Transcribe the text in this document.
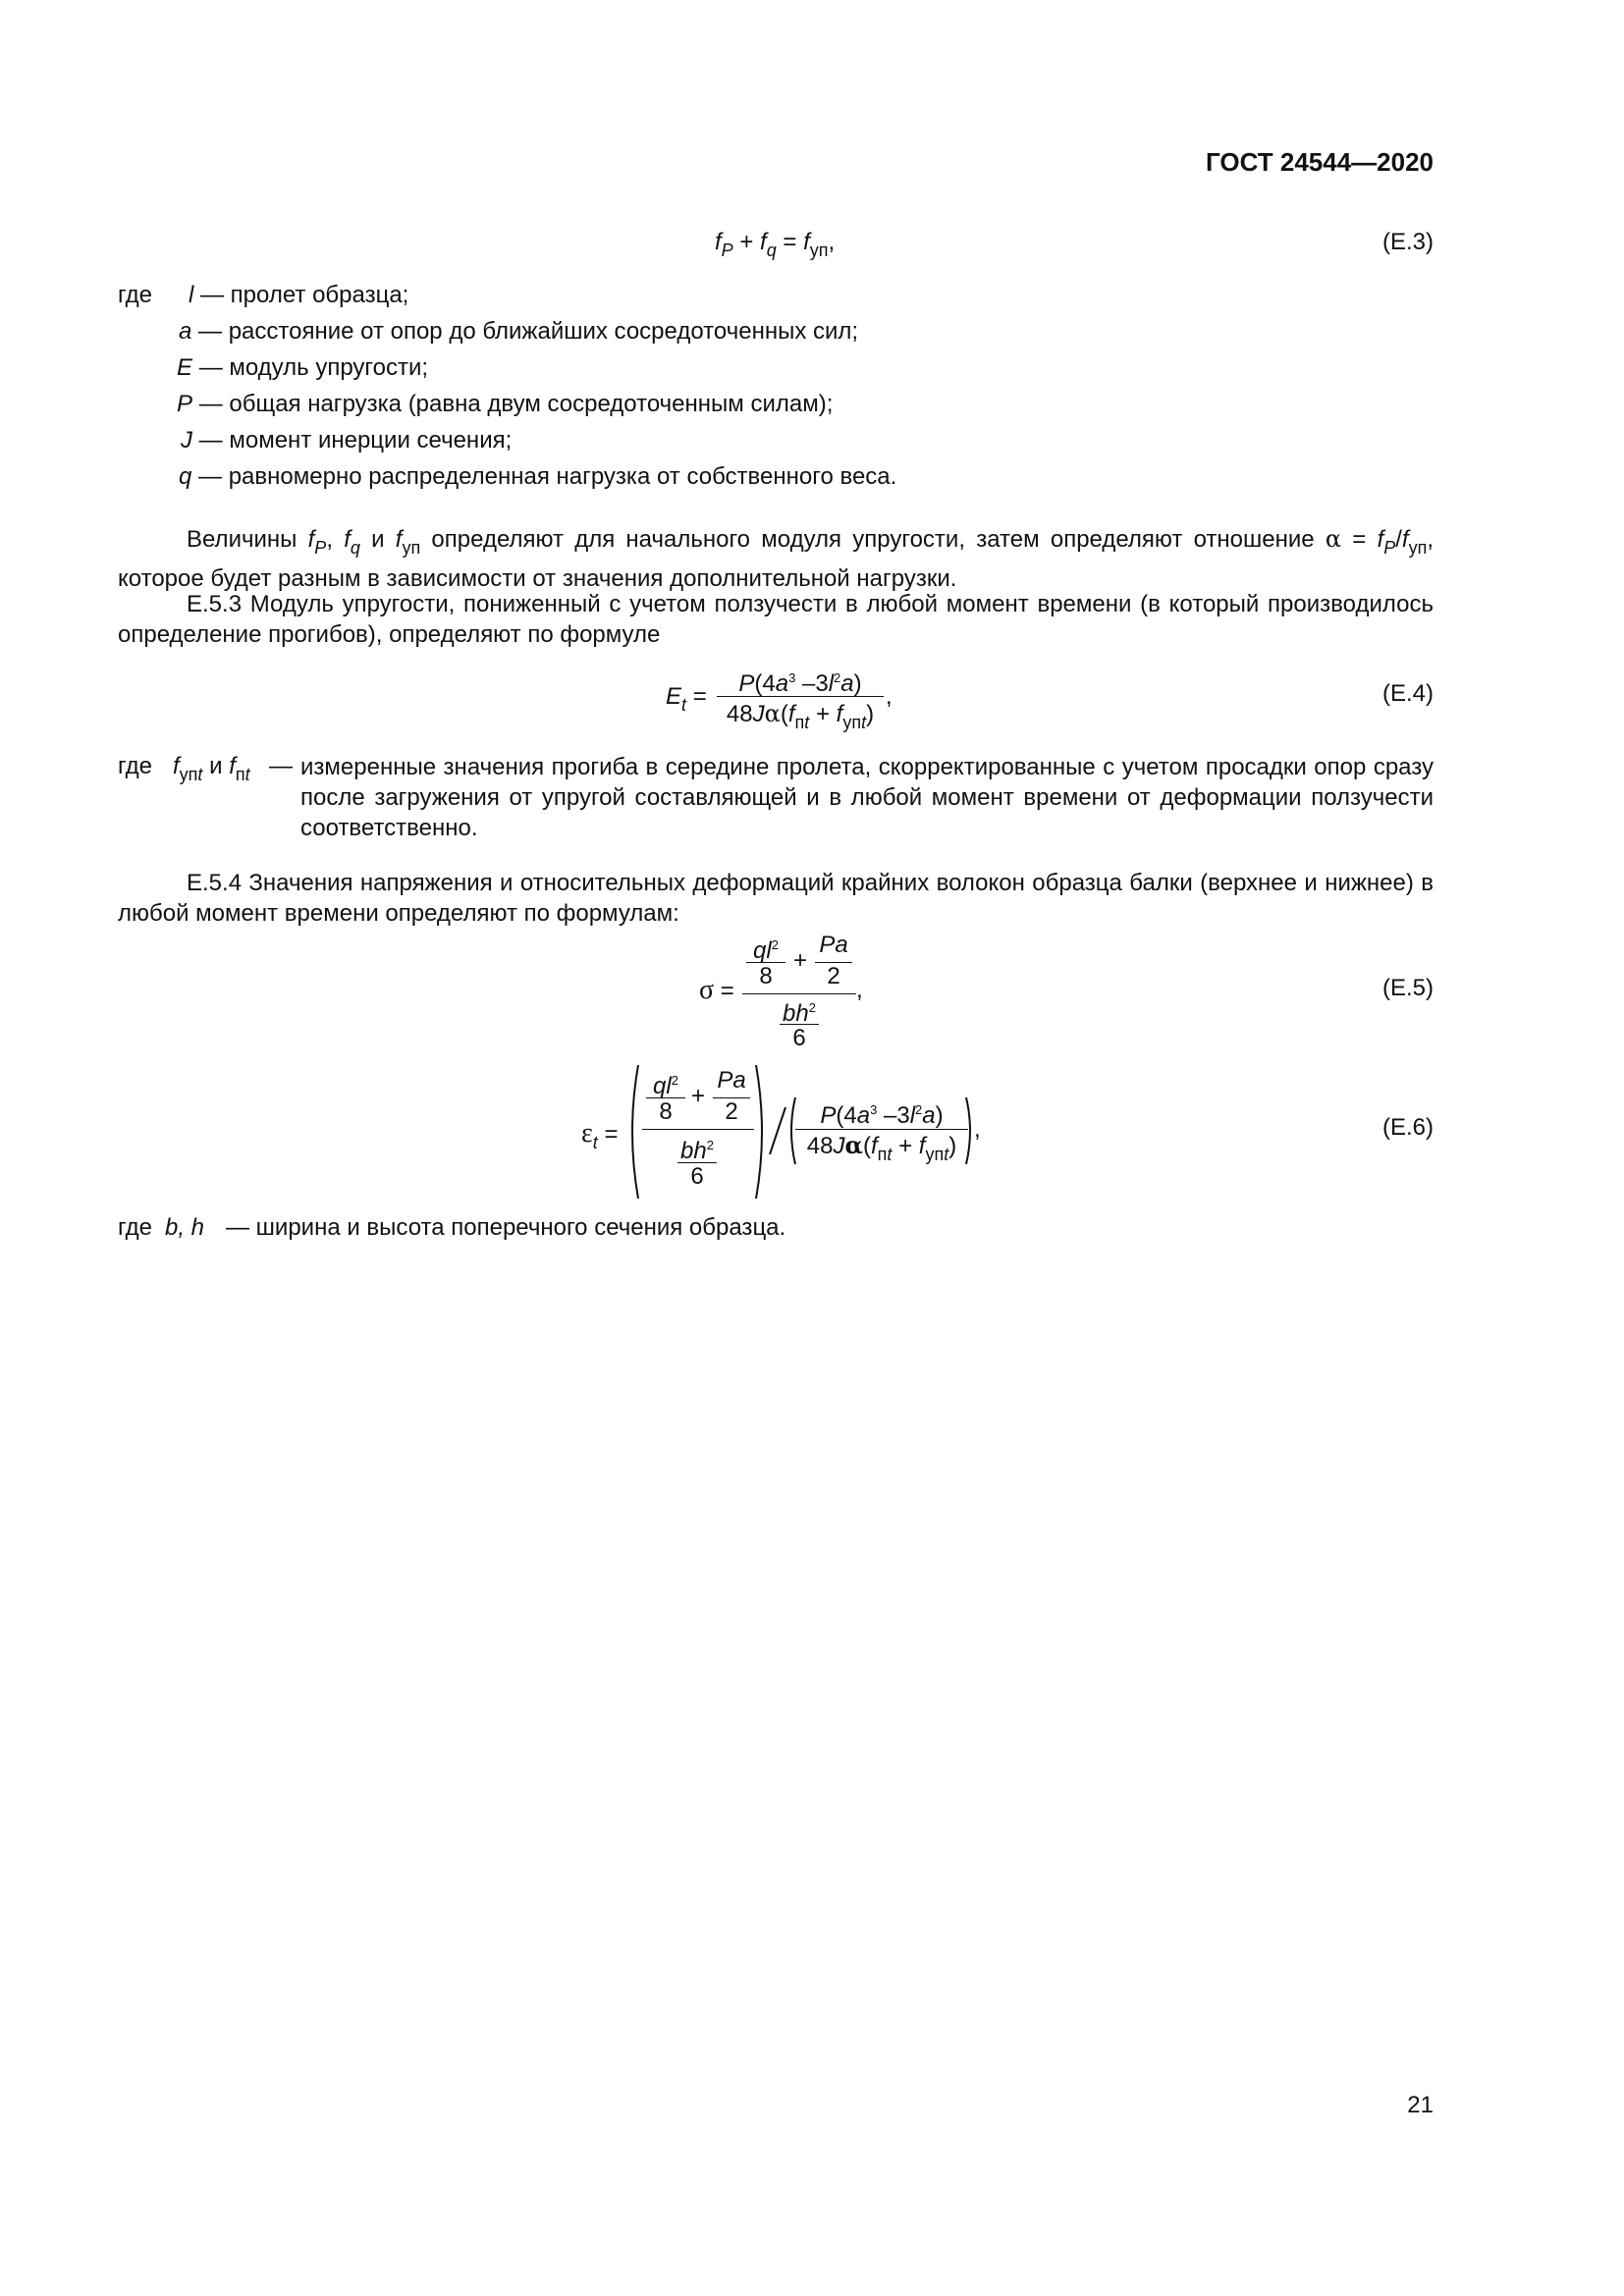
ГОСТ 24544—2020
$f_P + f_q = f_{уп}$,	(Е.3)
где l — пролет образца;
a — расстояние от опор до ближайших сосредоточенных сил;
E — модуль упругости;
P — общая нагрузка (равна двум сосредоточенным силам);
J — момент инерции сечения;
q — равномерно распределенная нагрузка от собственного веса.
Величины $f_P$, $f_q$ и $f_{уп}$ определяют для начального модуля упругости, затем определяют отношение $\alpha = f_P/f_{уп}$, которое будет разным в зависимости от значения дополнительной нагрузки.
Е.5.3 Модуль упругости, пониженный с учетом ползучести в любой момент времени (в который производилось определение прогибов), определяют по формуле
$E_t$ =	$P(4a^3$ $-3l^2a$)
$48J\alpha(f_{пt} + f_{упt})$
,	(Е.4)
где $f_{упt}$ и $f_{пt}$ — измеренные значения прогиба в середине пролета, скорректированные с учетом просадки опор сразу после загружения от упругой составляющей и в любой момент времени от деформации ползучести соответственно.
Е.5.4 Значения напряжения и относительных деформаций крайних волокон образца балки (верхнее и нижнее) в любой момент времени определяют по формулам:
σ =
$ql^2$
8
+
Pa
2
$bh^2$
6
,	(Е.5)
$\varepsilon_t$ =
$ql^2$
8
+
Pa
2
$bh^2$
6
$P(4a^3$ $-3l^2a$)
$48J\alpha(f_{пt} + f_{упt})$
,	(Е.6)
где b, h — ширина и высота поперечного сечения образца.
21
